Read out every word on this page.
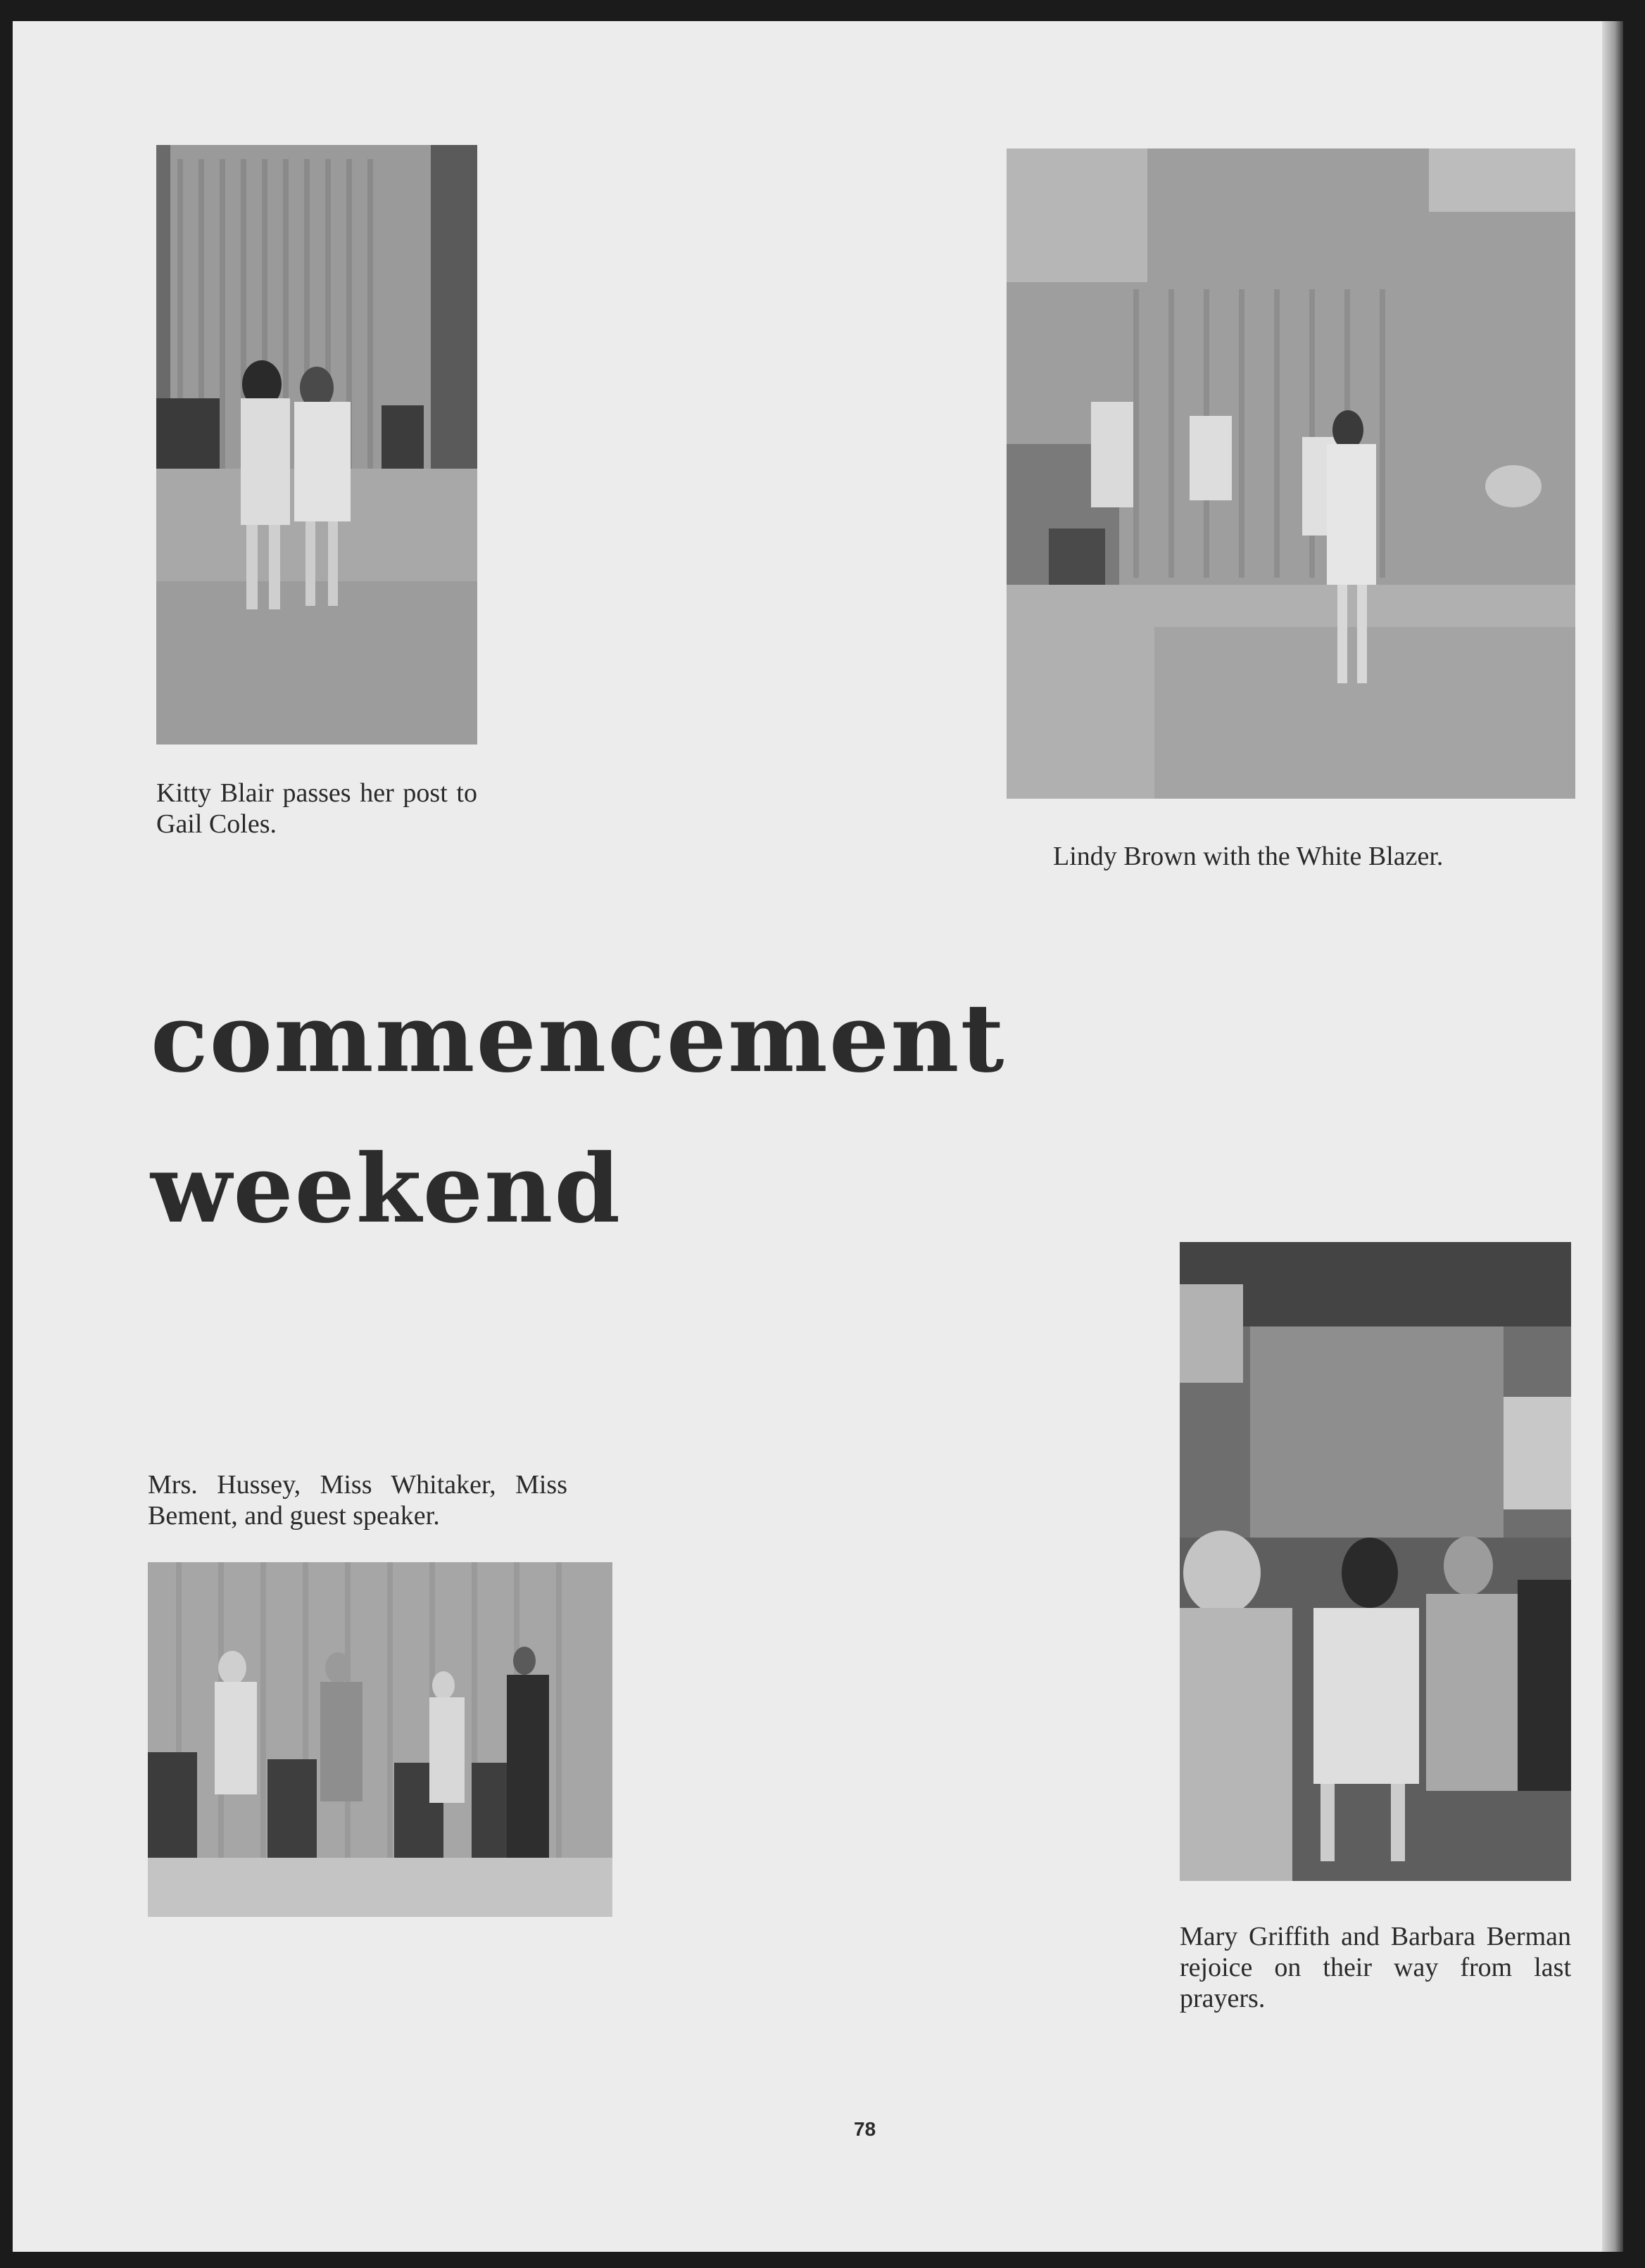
Kitty Blair passes her post to Gail Coles.

Lindy Brown with the White Blazer.

commencement
weekend

Mrs. Hussey, Miss Whitaker, Miss Bement, and guest speaker.

Mary Griffith and Barbara Berman rejoice on their way from last prayers.

78
